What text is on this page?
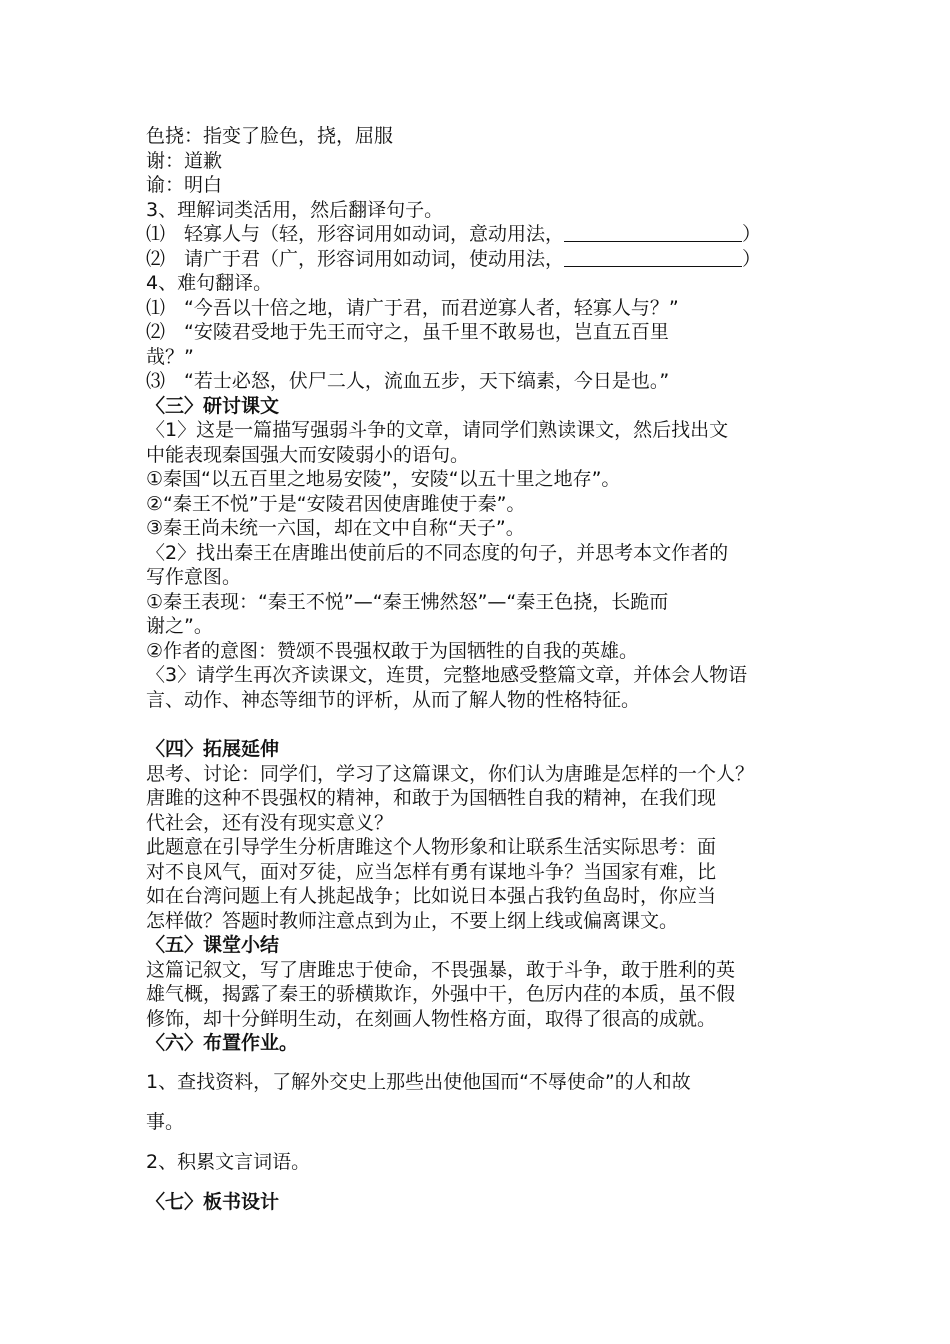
色挠：指变了脸色，挠，屈服

谢：道歉

谕：明白

3、理解词类活用，然后翻译句子。

⑴　轻寡人与（轻，形容词用如动词，意动用法，	）

⑵　请广于君（广，形容词用如动词，使动用法，	）

4、难句翻译。

⑴　“今吾以十倍之地，请广于君，而君逆寡人者，轻寡人与？”

⑵　“安陵君受地于先王而守之，虽千里不敢易也，岂直五百里

哉？”

⑶　“若士必怒，伏尸二人，流血五步，天下缟素，今日是也。”

〈三〉研讨课文

〈1〉这是一篇描写强弱斗争的文章，请同学们熟读课文，然后找出文

中能表现秦国强大而安陵弱小的语句。

①秦国“以五百里之地易安陵”，安陵“以五十里之地存”。

②“秦王不悦”于是“安陵君因使唐雎使于秦”。

③秦王尚未统一六国，却在文中自称“天子”。

〈2〉找出秦王在唐雎出使前后的不同态度的句子，并思考本文作者的

写作意图。

①秦王表现：“秦王不悦”—“秦王怫然怒”—“秦王色挠，长跪而

谢之”。

②作者的意图：赞颂不畏强权敢于为国牺牲的自我的英雄。

〈3〉请学生再次齐读课文，连贯，完整地感受整篇文章，并体会人物语

言、动作、神态等细节的评析，从而了解人物的性格特征。

〈四〉拓展延伸

思考、讨论：同学们，学习了这篇课文，你们认为唐雎是怎样的一个人？

唐雎的这种不畏强权的精神，和敢于为国牺牲自我的精神，在我们现

代社会，还有没有现实意义？

此题意在引导学生分析唐雎这个人物形象和让联系生活实际思考：面

对不良风气，面对歹徒，应当怎样有勇有谋地斗争？当国家有难，比

如在台湾问题上有人挑起战争；比如说日本强占我钓鱼岛时，你应当

怎样做？答题时教师注意点到为止，不要上纲上线或偏离课文。

〈五〉课堂小结

这篇记叙文，写了唐雎忠于使命，不畏强暴，敢于斗争，敢于胜利的英

雄气概，揭露了秦王的骄横欺诈，外强中干，色厉内荏的本质，虽不假

修饰，却十分鲜明生动，在刻画人物性格方面，取得了很高的成就。

〈六〉布置作业。

1、查找资料，了解外交史上那些出使他国而“不辱使命”的人和故

事。

2、积累文言词语。

〈七〉板书设计
